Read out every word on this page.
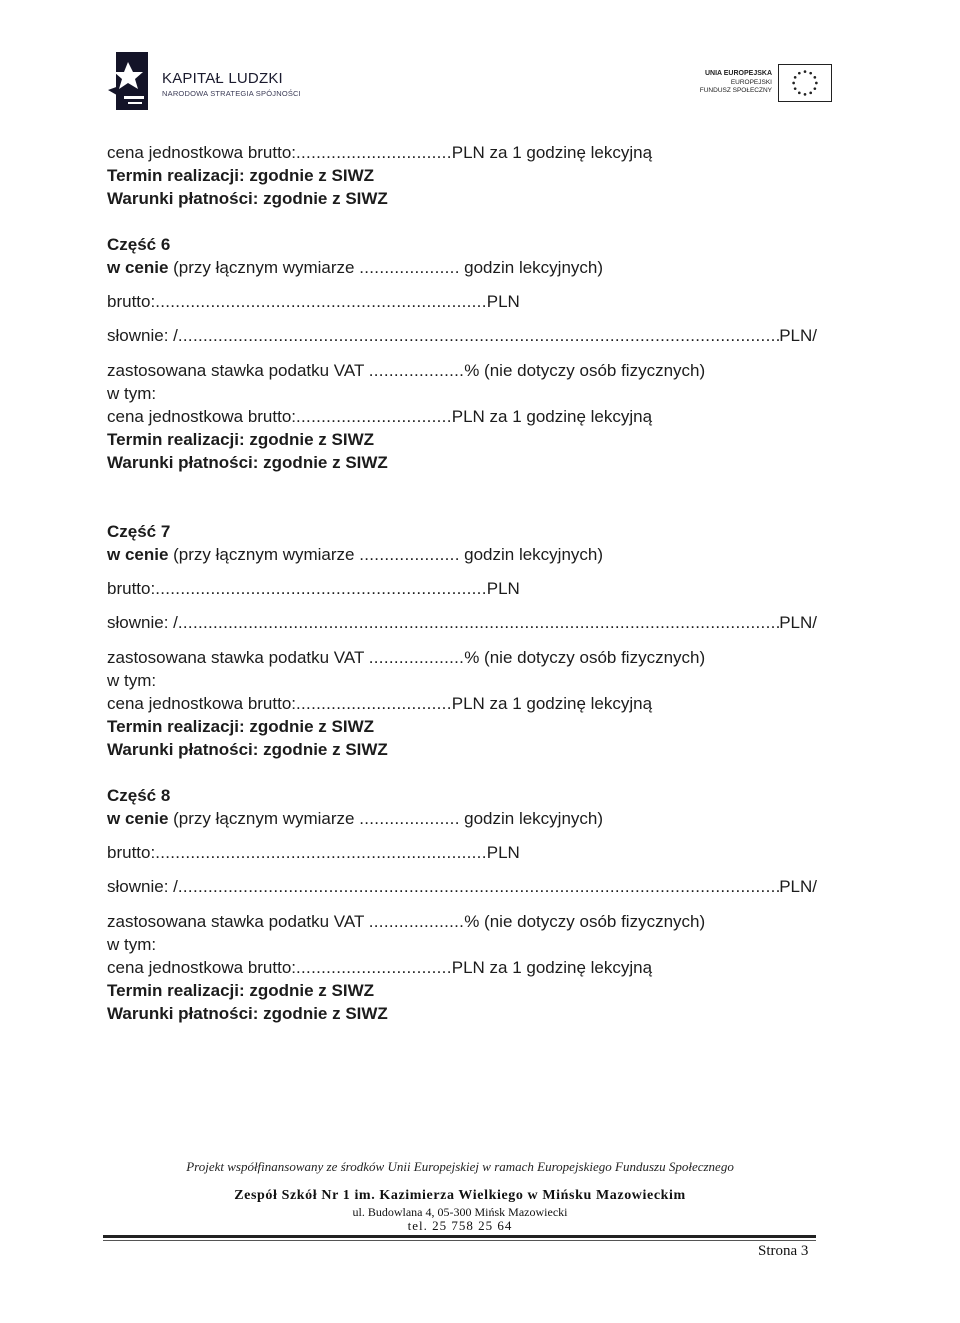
KAPITAŁ LUDZKI
NARODOWA STRATEGIA SPÓJNOŚCI
UNIA EUROPEJSKA
EUROPEJSKI
FUNDUSZ SPOŁECZNY
cena jednostkowa brutto:...............................PLN za 1 godzinę lekcyjną
Termin realizacji: zgodnie z SIWZ
Warunki płatności: zgodnie z SIWZ
Część 6
w cenie (przy łącznym wymiarze .................... godzin lekcyjnych)
brutto:..................................................................PLN
słownie: / .....	PLN/
zastosowana stawka podatku VAT ...................% (nie dotyczy osób fizycznych)
w tym:
cena jednostkowa brutto:...............................PLN za 1 godzinę lekcyjną
Termin realizacji: zgodnie z SIWZ
Warunki płatności: zgodnie z SIWZ
Część 7
w cenie (przy łącznym wymiarze .................... godzin lekcyjnych)
brutto:..................................................................PLN
słownie: / .....	PLN/
zastosowana stawka podatku VAT ...................% (nie dotyczy osób fizycznych)
w tym:
cena jednostkowa brutto:...............................PLN za 1 godzinę lekcyjną
Termin realizacji: zgodnie z SIWZ
Warunki płatności: zgodnie z SIWZ
Część 8
w cenie (przy łącznym wymiarze .................... godzin lekcyjnych)
brutto:..................................................................PLN
słownie: / .....	PLN/
zastosowana stawka podatku VAT ...................% (nie dotyczy osób fizycznych)
w tym:
cena jednostkowa brutto:...............................PLN za 1 godzinę lekcyjną
Termin realizacji: zgodnie z SIWZ
Warunki płatności: zgodnie z SIWZ
Projekt współfinansowany ze środków Unii Europejskiej w ramach Europejskiego Funduszu Społecznego
Zespół Szkół Nr 1 im. Kazimierza Wielkiego w Mińsku Mazowieckim
ul. Budowlana 4, 05-300 Mińsk Mazowiecki
tel. 25 758 25 64
Strona 3
